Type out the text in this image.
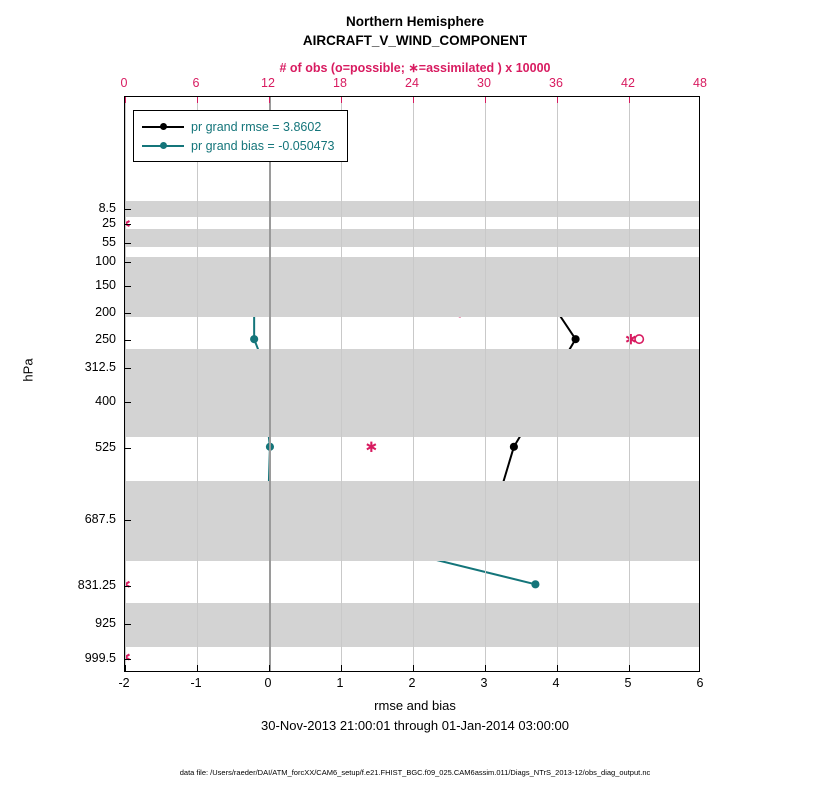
Northern Hemisphere
AIRCRAFT_V_WIND_COMPONENT
# of obs (o=possible; ∗=assimilated ) x 10000
pr grand rmse = 3.8602
pr grand bias = -0.050473
hPa
rmse and bias
30-Nov-2013 21:00:01 through 01-Jan-2014 03:00:00
data file: /Users/raeder/DAI/ATM_forcXX/CAM6_setup/f.e21.FHIST_BGC.f09_025.CAM6assim.011/Diags_NTrS_2013-12/obs_diag_output.nc
-2	-1	0	1	2	3	4	5	6
0	6	12	18	24	30	36	42	48
8.5
25
55
100
150
200
250
312.5
400
525
687.5
831.25
925
999.5
